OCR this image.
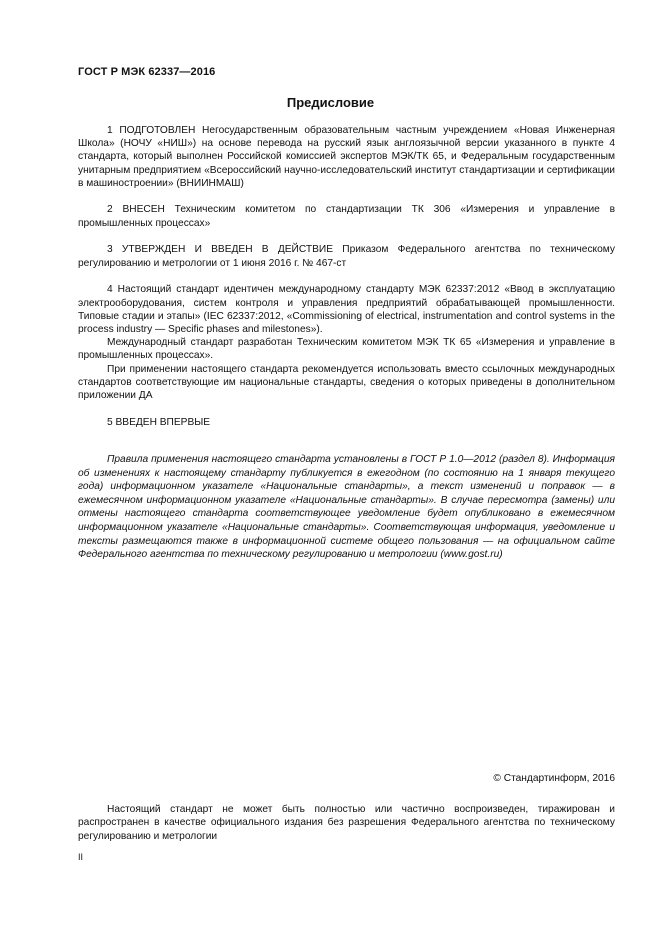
ГОСТ Р МЭК 62337—2016
Предисловие

1 ПОДГОТОВЛЕН Негосударственным образовательным частным учреждением «Новая Инженерная Школа» (НОЧУ «НИШ») на основе перевода на русский язык англоязычной версии указанного в пункте 4 стандарта, который выполнен Российской комиссией экспертов МЭК/ТК 65, и Федеральным государственным унитарным предприятием «Всероссийский научно-исследовательский институт стандартизации и сертификации в машиностроении» (ВНИИНМАШ)

2 ВНЕСЕН Техническим комитетом по стандартизации ТК 306 «Измерения и управление в промышленных процессах»

3 УТВЕРЖДЕН И ВВЕДЕН В ДЕЙСТВИЕ Приказом Федерального агентства по техническому регулированию и метрологии от 1 июня 2016 г. № 467-ст

4 Настоящий стандарт идентичен международному стандарту МЭК 62337:2012 «Ввод в эксплуатацию электрооборудования, систем контроля и управления предприятий обрабатывающей промышленности. Типовые стадии и этапы» (IEC 62337:2012, «Commissioning of electrical, instrumentation and control systems in the process industry — Specific phases and milestones»).

Международный стандарт разработан Техническим комитетом МЭК ТК 65 «Измерения и управление в промышленных процессах».

При применении настоящего стандарта рекомендуется использовать вместо ссылочных международных стандартов соответствующие им национальные стандарты, сведения о которых приведены в дополнительном приложении ДА

5 ВВЕДЕН ВПЕРВЫЕ

Правила применения настоящего стандарта установлены в ГОСТ Р 1.0—2012 (раздел 8). Информация об изменениях к настоящему стандарту публикуется в ежегодном (по состоянию на 1 января текущего года) информационном указателе «Национальные стандарты», а текст изменений и поправок — в ежемесячном информационном указателе «Национальные стандарты». В случае пересмотра (замены) или отмены настоящего стандарта соответствующее уведомление будет опубликовано в ежемесячном информационном указателе «Национальные стандарты». Соответствующая информация, уведомление и тексты размещаются также в информационной системе общего пользования — на официальном сайте Федерального агентства по техническому регулированию и метрологии (www.gost.ru)

© Стандартинформ, 2016

Настоящий стандарт не может быть полностью или частично воспроизведен, тиражирован и распространен в качестве официального издания без разрешения Федерального агентства по техническому регулированию и метрологии

II
